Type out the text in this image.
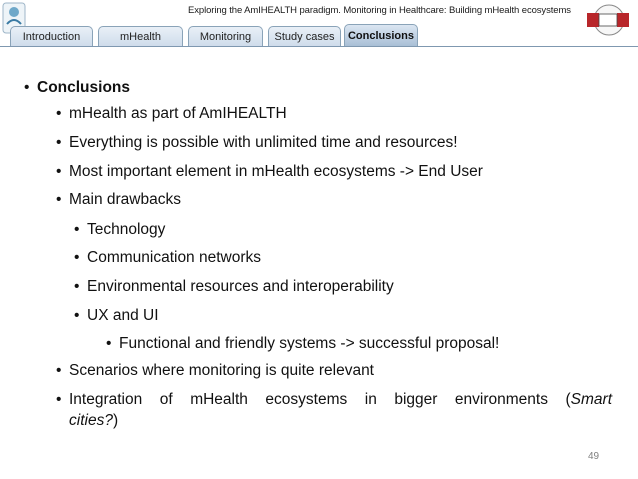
Exploring the AmIHEALTH paradigm. Monitoring in Healthcare: Building mHealth ecosystems
Introduction	mHealth	Monitoring	Study cases	Conclusions
• Conclusions
• mHealth as part of AmIHEALTH
• Everything is possible with unlimited time and resources!
• Most important element in mHealth ecosystems -> End User
• Main drawbacks
• Technology
• Communication networks
• Environmental resources and interoperability
• UX and UI
• Functional and friendly systems -> successful proposal!
• Scenarios where monitoring is quite relevant
• Integration of mHealth ecosystems in bigger environments (Smart
cities?)
49
